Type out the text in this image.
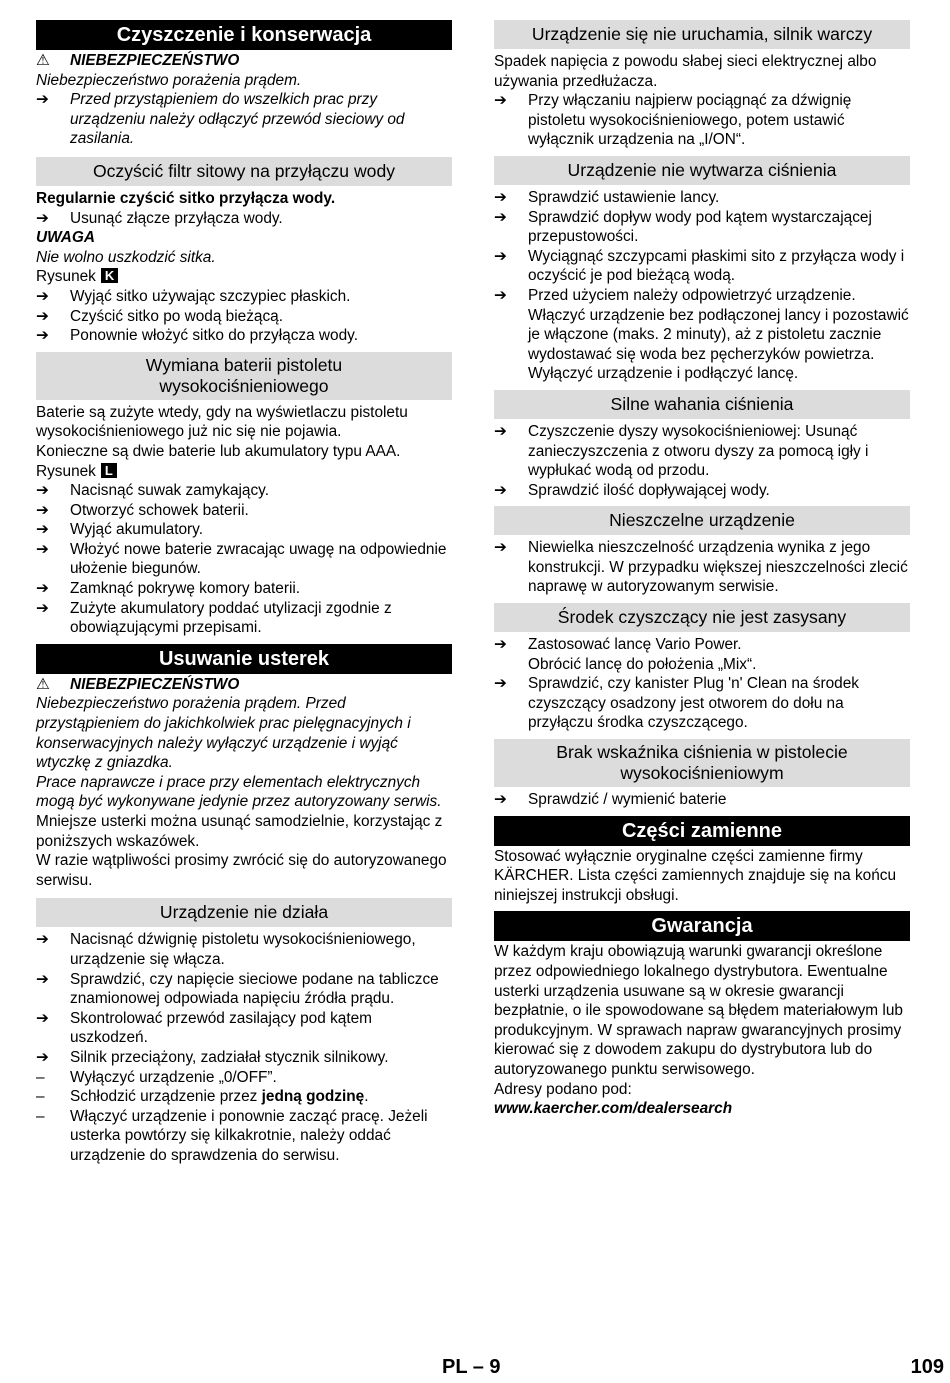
Czyszczenie i konserwacja
⚠ NIEBEZPIECZEŃSTWO

Niebezpieczeństwo porażenia prądem.

➔	Przed przystąpieniem do wszelkich prac przy urządzeniu należy odłączyć przewód sieciowy od zasilania.
Oczyścić filtr sitowy na przyłączu wody

Regularnie czyścić sitko przyłącza wody.

➔	Usunąć złącze przyłącza wody.

UWAGA

Nie wolno uszkodzić sitka.

Rysunek K

➔	Wyjąć sitko używając szczypiec płaskich.
➔	Czyścić sitko po wodą bieżącą.
➔	Ponownie włożyć sitko do przyłącza wody.
Wymiana baterii pistoletu
wysokociśnieniowego

Baterie są zużyte wtedy, gdy na wyświetlaczu pistoletu wysokociśnieniowego już nic się nie pojawia.

Konieczne są dwie baterie lub akumulatory typu AAA.

Rysunek L

➔	Nacisnąć suwak zamykający.
➔	Otworzyć schowek baterii.
➔	Wyjąć akumulatory.
➔	Włożyć nowe baterie zwracając uwagę na odpowiednie ułożenie biegunów.
➔	Zamknąć pokrywę komory baterii.
➔	Zużyte akumulatory poddać utylizacji zgodnie z obowiązującymi przepisami.
Usuwanie usterek
⚠ NIEBEZPIECZEŃSTWO

Niebezpieczeństwo porażenia prądem. Przed przystąpieniem do jakichkolwiek prac pielęgnacyjnych i konserwacyjnych należy wyłączyć urządzenie i wyjąć wtyczkę z gniazdka.

Prace naprawcze i prace przy elementach elektrycznych mogą być wykonywane jedynie przez autoryzowany serwis.

Mniejsze usterki można usunąć samodzielnie, korzystając z poniższych wskazówek.

W razie wątpliwości prosimy zwrócić się do autoryzowanego serwisu.

Urządzenie nie działa
➔	Nacisnąć dźwignię pistoletu wysokociśnieniowego, urządzenie się włącza.
➔	Sprawdzić, czy napięcie sieciowe podane na tabliczce znamionowej odpowiada napięciu źródła prądu.
➔	Skontrolować przewód zasilający pod kątem uszkodzeń.
➔	Silnik przeciążony, zadziałał stycznik silnikowy.
–	Wyłączyć urządzenie „0/OFF”.
–	Schłodzić urządzenie przez jedną godzinę.
–	Włączyć urządzenie i ponownie zacząć pracę. Jeżeli usterka powtórzy się kilkakrotnie, należy oddać urządzenie do sprawdzenia do serwisu.
Urządzenie się nie uruchamia, silnik warczy

Spadek napięcia z powodu słabej sieci elektrycznej albo używania przedłużacza.

➔	Przy włączaniu najpierw pociągnąć za dźwignię pistoletu wysokociśnieniowego, potem ustawić wyłącznik urządzenia na „I/ON“.
Urządzenie nie wytwarza ciśnienia
➔	Sprawdzić ustawienie lancy.
➔	Sprawdzić dopływ wody pod kątem wystarczającej przepustowości.
➔	Wyciągnąć szczypcami płaskimi sito z przyłącza wody i oczyścić je pod bieżącą wodą.
➔	Przed użyciem należy odpowietrzyć urządzenie. Włączyć urządzenie bez podłączonej lancy i pozostawić je włączone (maks. 2 minuty), aż z pistoletu zacznie wydostawać się woda bez pęcherzyków powietrza. Wyłączyć urządzenie i podłączyć lancę.
Silne wahania ciśnienia
➔	Czyszczenie dyszy wysokociśnieniowej: Usunąć zanieczyszczenia z otworu dyszy za pomocą igły i wypłukać wodą od przodu.
➔	Sprawdzić ilość dopływającej wody.
Nieszczelne urządzenie
➔	Niewielka nieszczelność urządzenia wynika z jego konstrukcji. W przypadku większej nieszczelności zlecić naprawę w autoryzowanym serwisie.
Środek czyszczący nie jest zasysany
➔	Zastosować lancę Vario Power.
Obrócić lancę do położenia „Mix“.
➔	Sprawdzić, czy kanister Plug 'n' Clean na środek czyszczący osadzony jest otworem do dołu na przyłączu środka czyszczącego.
Brak wskaźnika ciśnienia w pistolecie
wysokociśnieniowym
➔	Sprawdzić / wymienić baterie
Części zamienne

Stosować wyłącznie oryginalne części zamienne firmy KÄRCHER. Lista części zamiennych znajduje się na końcu niniejszej instrukcji obsługi.

Gwarancja

W każdym kraju obowiązują warunki gwarancji określone przez odpowiedniego lokalnego dystrybutora. Ewentualne usterki urządzenia usuwane są w okresie gwarancji bezpłatnie, o ile spowodowane są błędem materiałowym lub produkcyjnym. W sprawach napraw gwarancyjnych prosimy kierować się z dowodem zakupu do dystrybutora lub do autoryzowanego punktu serwisowego.

Adresy podano pod:

www.kaercher.com/dealersearch

PL – 9	109
